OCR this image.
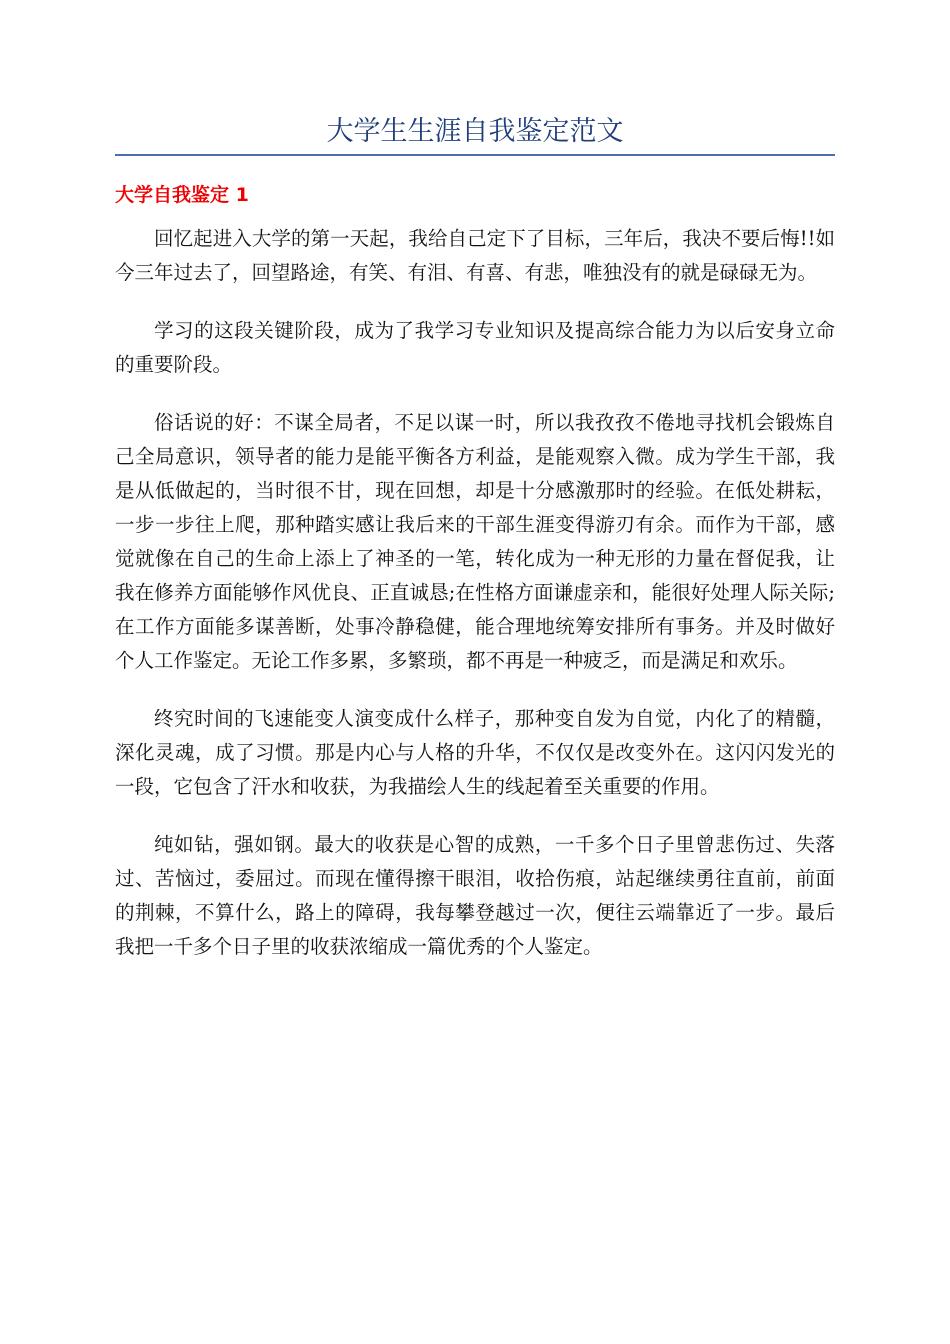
大学生生涯自我鉴定范文
大学自我鉴定 1

回忆起进入大学的第一天起，我给自己定下了目标，三年后，我决不要后悔!!如今三年过去了，回望路途，有笑、有泪、有喜、有悲，唯独没有的就是碌碌无为。

学习的这段关键阶段，成为了我学习专业知识及提高综合能力为以后安身立命的重要阶段。

俗话说的好：不谋全局者，不足以谋一时，所以我孜孜不倦地寻找机会锻炼自己全局意识，领导者的能力是能平衡各方利益，是能观察入微。成为学生干部，我是从低做起的，当时很不甘，现在回想，却是十分感激那时的经验。在低处耕耘，一步一步往上爬，那种踏实感让我后来的干部生涯变得游刃有余。而作为干部，感觉就像在自己的生命上添上了神圣的一笔，转化成为一种无形的力量在督促我，让我在修养方面能够作风优良、正直诚恳;在性格方面谦虚亲和，能很好处理人际关际;在工作方面能多谋善断，处事冷静稳健，能合理地统筹安排所有事务。并及时做好个人工作鉴定。无论工作多累，多繁琐，都不再是一种疲乏，而是满足和欢乐。

终究时间的飞速能变人演变成什么样子，那种变自发为自觉，内化了的精髓，深化灵魂，成了习惯。那是内心与人格的升华，不仅仅是改变外在。这闪闪发光的一段，它包含了汗水和收获，为我描绘人生的线起着至关重要的作用。

纯如钻，强如钢。最大的收获是心智的成熟，一千多个日子里曾悲伤过、失落过、苦恼过，委屈过。而现在懂得擦干眼泪，收拾伤痕，站起继续勇往直前，前面的荆棘，不算什么，路上的障碍，我每攀登越过一次，便往云端靠近了一步。最后我把一千多个日子里的收获浓缩成一篇优秀的个人鉴定。
